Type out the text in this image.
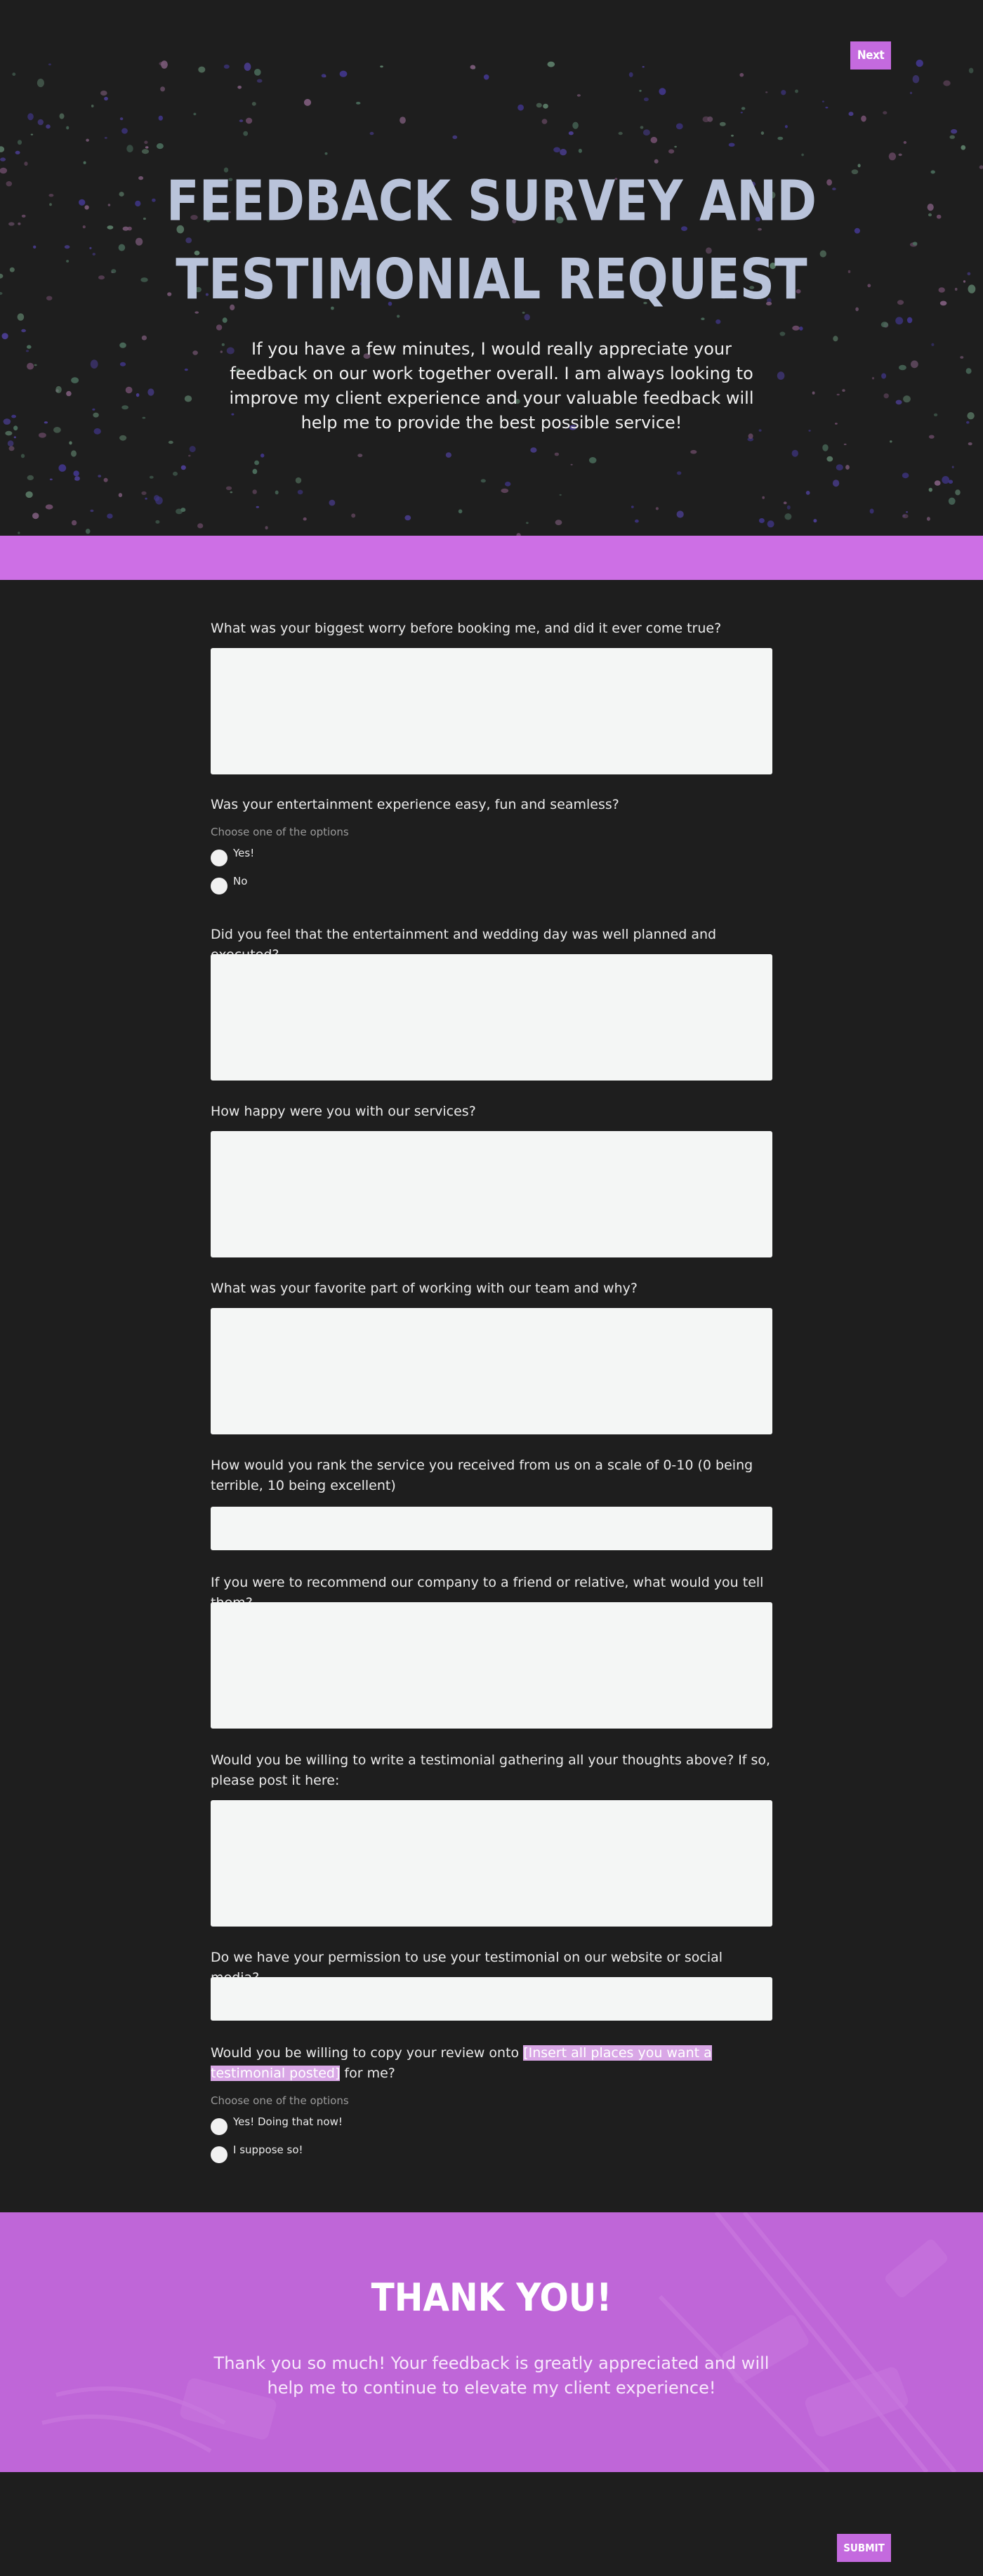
FEEDBACK SURVEY AND
TESTIMONIAL REQUEST
If you have a few minutes, I would really appreciate your feedback on our work together overall. I am always looking to improve my client experience and your valuable feedback will help me to provide the best possible service!
Next
What was your biggest worry before booking me, and did it ever come true?
Was your entertainment experience easy, fun and seamless?
Choose one of the options
Yes!
No
Did you feel that the entertainment and wedding day was well planned and
How happy were you with our services?
What was your favorite part of working with our team and why?
How would you rank the service you received from us on a scale of 0-10 (0 being terrible, 10 being excellent)
If you were to recommend our company to a friend or relative, what would you tell
Would you be willing to write a testimonial gathering all your thoughts above? If so, please post it here:
Do we have your permission to use your testimonial on our website or social
Would you be willing to copy your review onto [Insert all places you want a testimonial posted] for me?
Choose one of the options
Yes! Doing that now!
I suppose so!
THANK YOU!
Thank you so much! Your feedback is greatly appreciated and will help me to continue to elevate my client experience!
SUBMIT
